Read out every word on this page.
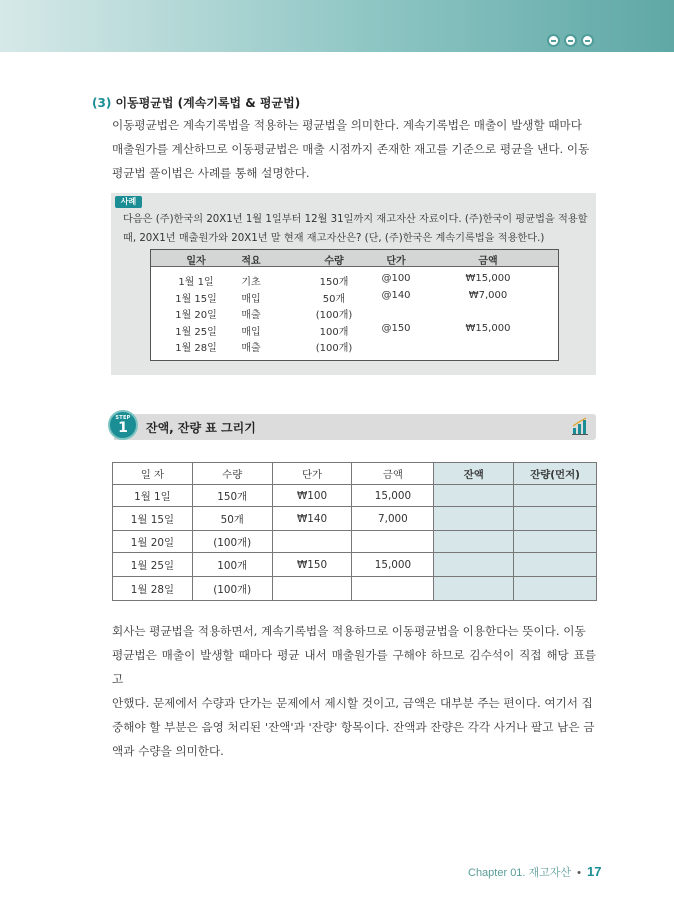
(3) 이동평균법 (계속기록법 & 평균법)
이동평균법은 계속기록법을 적용하는 평균법을 의미한다. 계속기록법은 매출이 발생할 때마다
매출원가를 계산하므로 이동평균법은 매출 시점까지 존재한 재고를 기준으로 평균을 낸다. 이동
평균법 풀이법은 사례를 통해 설명한다.
사례
다음은 (주)한국의 20X1년 1월 1일부터 12월 31일까지 재고자산 자료이다. (주)한국이 평균법을 적용할
때, 20X1년 매출원가와 20X1년 말 현재 재고자산은? (단, (주)한국은 계속기록법을 적용한다.)
일자	적요	수량	단가	금액
1월 1일	기초	150개	@100	₩15,000
1월 15일	매입	50개	@140	₩7,000
1월 20일	매출	(100개)
1월 25일	매입	100개	@150	₩15,000
1월 28일	매출	(100개)
STEP
1	잔액, 잔량 표 그리기
일 자	수량	단가	금액	잔액	잔량(먼저)
1월 1일	150개	₩100	15,000		
1월 15일	50개	₩140	7,000		
1월 20일	(100개)				
1월 25일	100개	₩150	15,000		
1월 28일	(100개)				
회사는 평균법을 적용하면서, 계속기록법을 적용하므로 이동평균법을 이용한다는 뜻이다. 이동
평균법은 매출이 발생할 때마다 평균 내서 매출원가를 구해야 하므로 김수석이 직접 해당 표를 고
안했다. 문제에서 수량과 단가는 문제에서 제시할 것이고, 금액은 대부분 주는 편이다. 여기서 집
중해야 할 부분은 음영 처리된 '잔액'과 '잔량' 항목이다. 잔액과 잔량은 각각 사거나 팔고 남은 금
액과 수량을 의미한다.
Chapter 01. 재고자산 • 17
